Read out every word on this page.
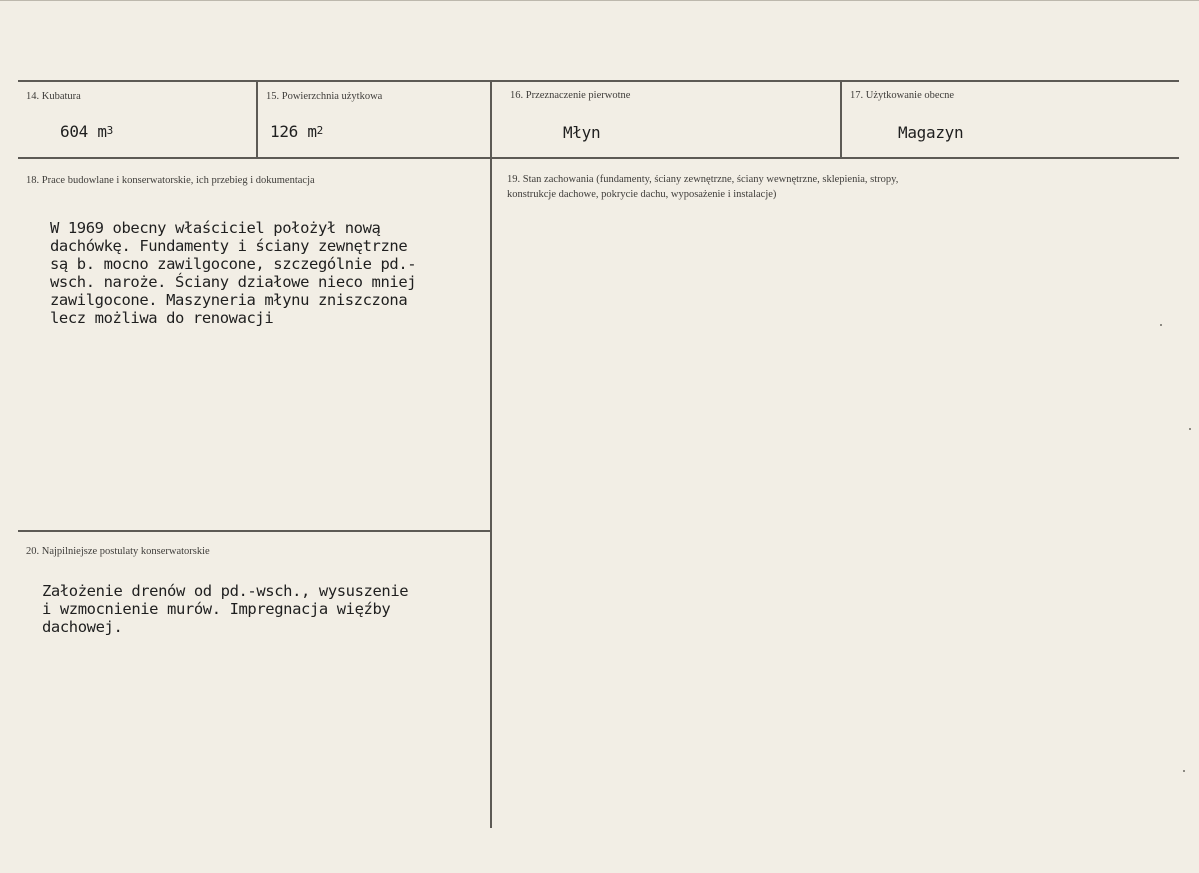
14. Kubatura
604 $m^3$
15. Powierzchnia użytkowa
126 $m^2$
16. Przeznaczenie pierwotne
Młyn
17. Użytkowanie obecne
Magazyn
18. Prace budowlane i konserwatorskie, ich przebieg i dokumentacja
W 1969 obecny właściciel położył nową
dachówkę. Fundamenty i ściany zewnętrzne
są b. mocno zawilgocone, szczególnie pd.-
wsch. naroże. Ściany działowe nieco mniej
zawilgocone. Maszyneria młynu zniszczona
lecz możliwa do renowacji
19. Stan zachowania (fundamenty, ściany zewnętrzne, ściany wewnętrzne, sklepienia, stropy,
konstrukcje dachowe, pokrycie dachu, wyposażenie i instalacje)
20. Najpilniejsze postulaty konserwatorskie
Założenie drenów od pd.-wsch., wysuszenie
i wzmocnienie murów. Impregnacja więźby
dachowej.
